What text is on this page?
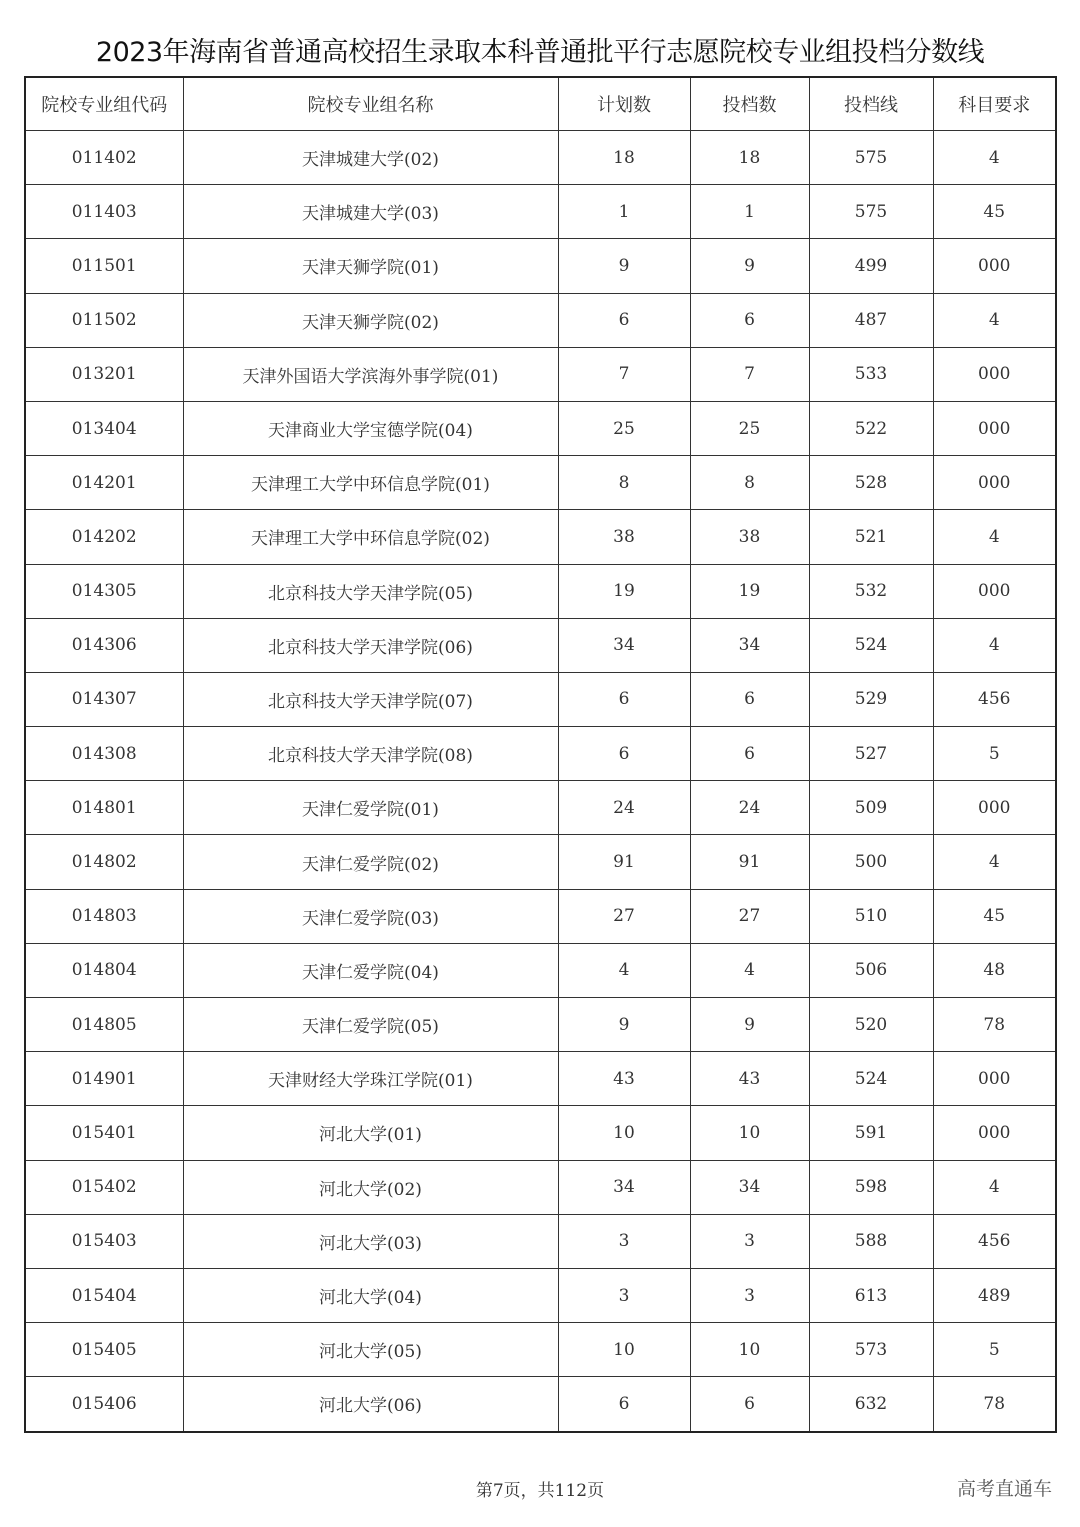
2023年海南省普通高校招生录取本科普通批平行志愿院校专业组投档分数线
院校专业组代码	院校专业组名称	计划数	投档数	投档线	科目要求
011402	天津城建大学(02)	18	18	575	4
011403	天津城建大学(03)	1	1	575	45
011501	天津天狮学院(01)	9	9	499	000
011502	天津天狮学院(02)	6	6	487	4
013201	天津外国语大学滨海外事学院(01)	7	7	533	000
013404	天津商业大学宝德学院(04)	25	25	522	000
014201	天津理工大学中环信息学院(01)	8	8	528	000
014202	天津理工大学中环信息学院(02)	38	38	521	4
014305	北京科技大学天津学院(05)	19	19	532	000
014306	北京科技大学天津学院(06)	34	34	524	4
014307	北京科技大学天津学院(07)	6	6	529	456
014308	北京科技大学天津学院(08)	6	6	527	5
014801	天津仁爱学院(01)	24	24	509	000
014802	天津仁爱学院(02)	91	91	500	4
014803	天津仁爱学院(03)	27	27	510	45
014804	天津仁爱学院(04)	4	4	506	48
014805	天津仁爱学院(05)	9	9	520	78
014901	天津财经大学珠江学院(01)	43	43	524	000
015401	河北大学(01)	10	10	591	000
015402	河北大学(02)	34	34	598	4
015403	河北大学(03)	3	3	588	456
015404	河北大学(04)	3	3	613	489
015405	河北大学(05)	10	10	573	5
015406	河北大学(06)	6	6	632	78
第7页，共112页	高考直通车
